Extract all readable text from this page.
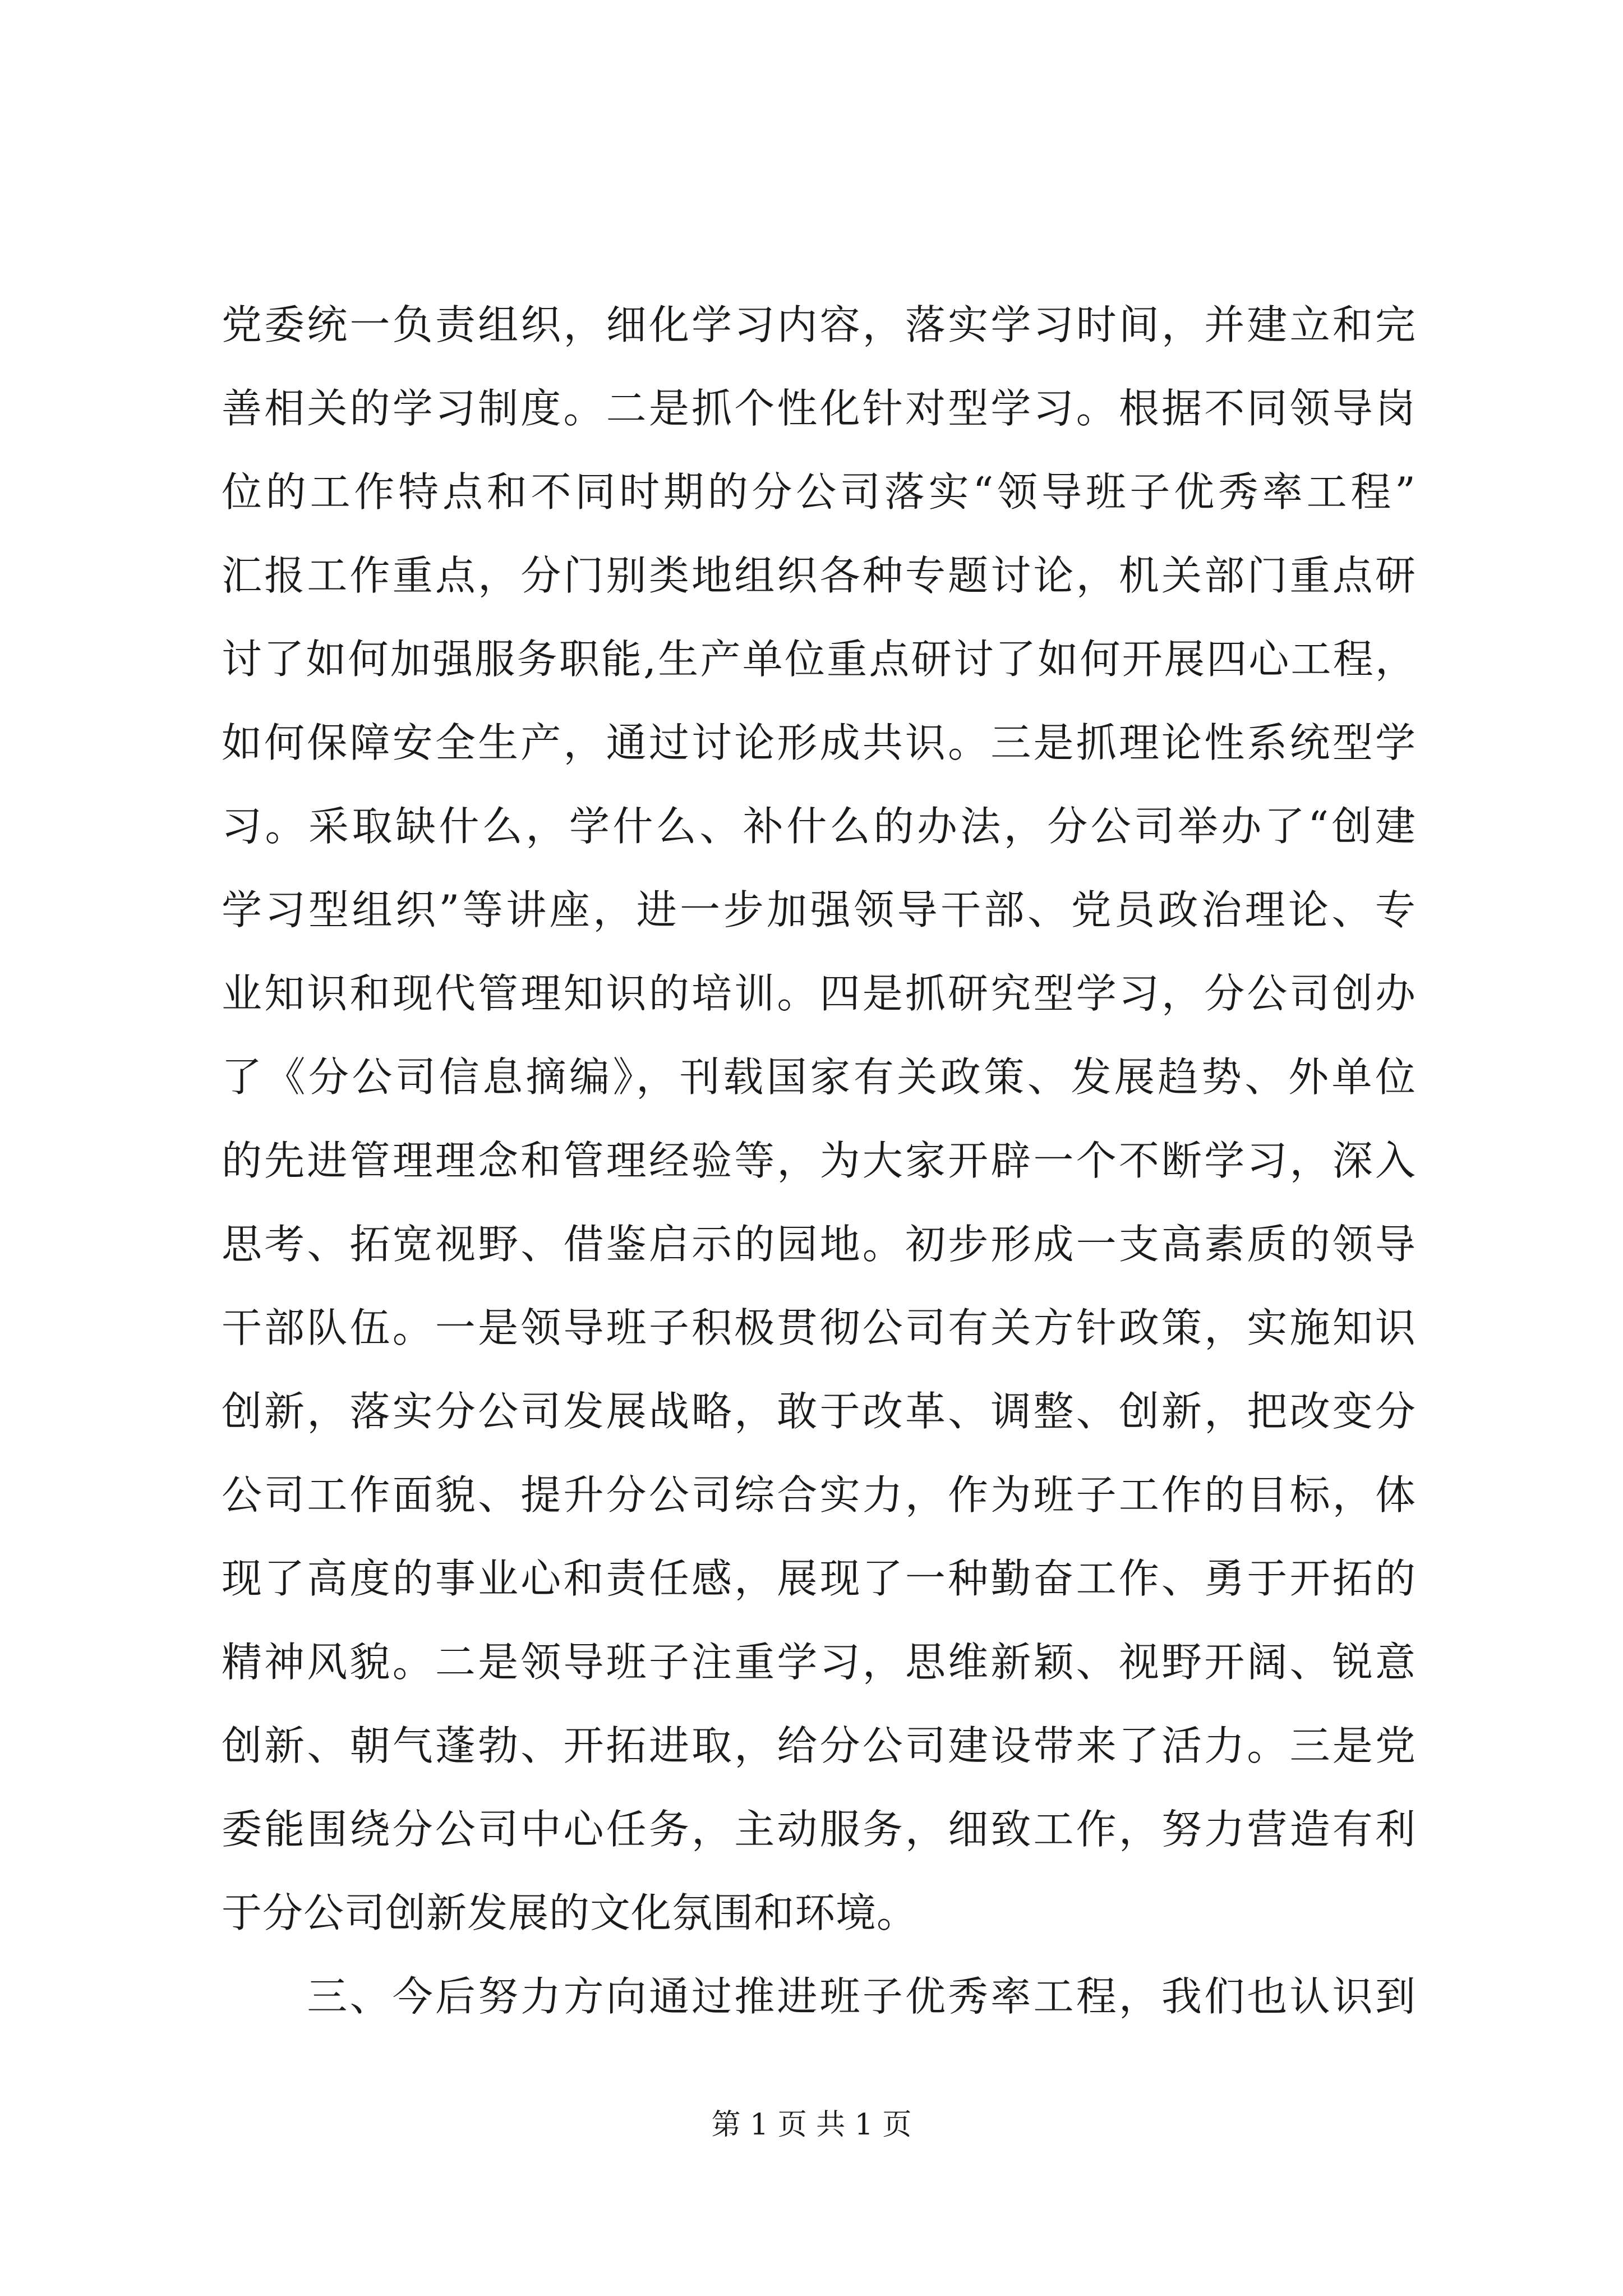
党委统一负责组织，细化学习内容，落实学习时间，并建立和完
善相关的学习制度。二是抓个性化针对型学习。根据不同领导岗
位的工作特点和不同时期的分公司落实“领导班子优秀率工程”
汇报工作重点，分门别类地组织各种专题讨论，机关部门重点研
讨了如何加强服务职能,生产单位重点研讨了如何开展四心工程，
如何保障安全生产，通过讨论形成共识。三是抓理论性系统型学
习。采取缺什么，学什么、补什么的办法，分公司举办了“创建
学习型组织”等讲座，进一步加强领导干部、党员政治理论、专
业知识和现代管理知识的培训。四是抓研究型学习，分公司创办
了《分公司信息摘编》，刊载国家有关政策、发展趋势、外单位
的先进管理理念和管理经验等，为大家开辟一个不断学习，深入
思考、拓宽视野、借鉴启示的园地。初步形成一支高素质的领导
干部队伍。一是领导班子积极贯彻公司有关方针政策，实施知识
创新，落实分公司发展战略，敢于改革、调整、创新，把改变分
公司工作面貌、提升分公司综合实力，作为班子工作的目标，体
现了高度的事业心和责任感，展现了一种勤奋工作、勇于开拓的
精神风貌。二是领导班子注重学习，思维新颖、视野开阔、锐意
创新、朝气蓬勃、开拓进取，给分公司建设带来了活力。三是党
委能围绕分公司中心任务，主动服务，细致工作，努力营造有利
于分公司创新发展的文化氛围和环境。
　　三、今后努力方向通过推进班子优秀率工程，我们也认识到
第 1 页 共 1 页
